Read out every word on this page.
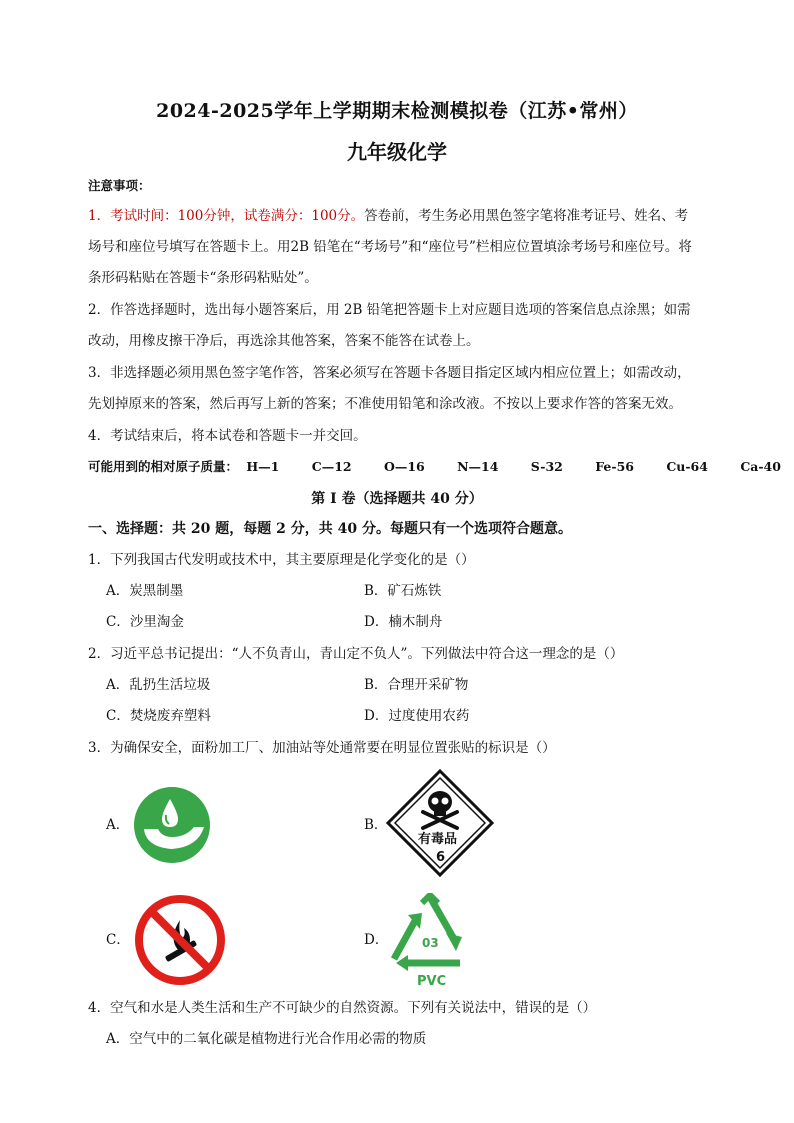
2024-2025学年上学期期末检测模拟卷（江苏•常州）
九年级化学
注意事项：
1．考试时间：100分钟，试卷满分：100分。答卷前，考生务必用黑色签字笔将准考证号、姓名、考
场号和座位号填写在答题卡上。用2B 铅笔在“考场号”和“座位号”栏相应位置填涂考场号和座位号。将
条形码粘贴在答题卡“条形码粘贴处”。
2．作答选择题时，选出每小题答案后，用 2B 铅笔把答题卡上对应题目选项的答案信息点涂黑；如需
改动，用橡皮擦干净后，再选涂其他答案，答案不能答在试卷上。
3．非选择题必须用黑色签字笔作答，答案必须写在答题卡各题目指定区域内相应位置上；如需改动，
先划掉原来的答案，然后再写上新的答案；不准使用铅笔和涂改液。不按以上要求作答的答案无效。
4．考试结束后，将本试卷和答题卡一并交回。
可能用到的相对原子质量： H—1	C—12	O—16	N—14	S-32	Fe-56	Cu-64	Ca-40
第 I 卷（选择题共 40 分）
一、选择题：共 20 题，每题 2 分，共 40 分。每题只有一个选项符合题意。
1．下列我国古代发明或技术中，其主要原理是化学变化的是（）
A．炭黑制墨	B．矿石炼铁
C．沙里淘金	D．楠木制舟
2．习近平总书记提出：“人不负青山，青山定不负人”。下列做法中符合这一理念的是（）
A．乱扔生活垃圾	B．合理开采矿物
C．焚烧废弃塑料	D．过度使用农药
3．为确保安全，面粉加工厂、加油站等处通常要在明显位置张贴的标识是（）
A．	B．
有毒品
6
C．	D．	03
PVC
4．空气和水是人类生活和生产不可缺少的自然资源。下列有关说法中，错误的是（）
A．空气中的二氧化碳是植物进行光合作用必需的物质
